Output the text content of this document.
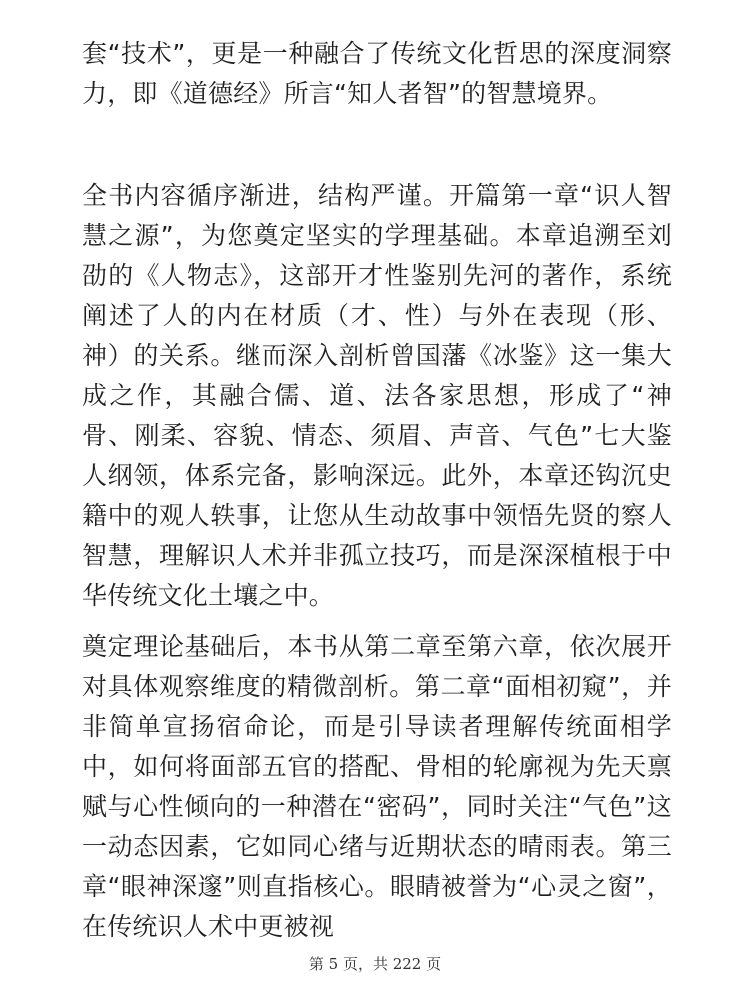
套“技术”，更是一种融合了传统文化哲思的深度洞察力，即《道德经》所言“知人者智”的智慧境界。

全书内容循序渐进，结构严谨。开篇第一章“识人智慧之源”，为您奠定坚实的学理基础。本章追溯至刘劭的《人物志》，这部开才性鉴别先河的著作，系统阐述了人的内在材质（才、性）与外在表现（形、神）的关系。继而深入剖析曾国藩《冰鉴》这一集大成之作，其融合儒、道、法各家思想，形成了“神骨、刚柔、容貌、情态、须眉、声音、气色”七大鉴人纲领，体系完备，影响深远。此外，本章还钩沉史籍中的观人轶事，让您从生动故事中领悟先贤的察人智慧，理解识人术并非孤立技巧，而是深深植根于中华传统文化土壤之中。

奠定理论基础后，本书从第二章至第六章，依次展开对具体观察维度的精微剖析。第二章“面相初窥”，并非简单宣扬宿命论，而是引导读者理解传统面相学中，如何将面部五官的搭配、骨相的轮廓视为先天禀赋与心性倾向的一种潜在“密码”，同时关注“气色”这一动态因素，它如同心绪与近期状态的晴雨表。第三章“眼神深邃”则直指核心。眼睛被誉为“心灵之窗”，在传统识人术中更被视

第 5 页，共 222 页
